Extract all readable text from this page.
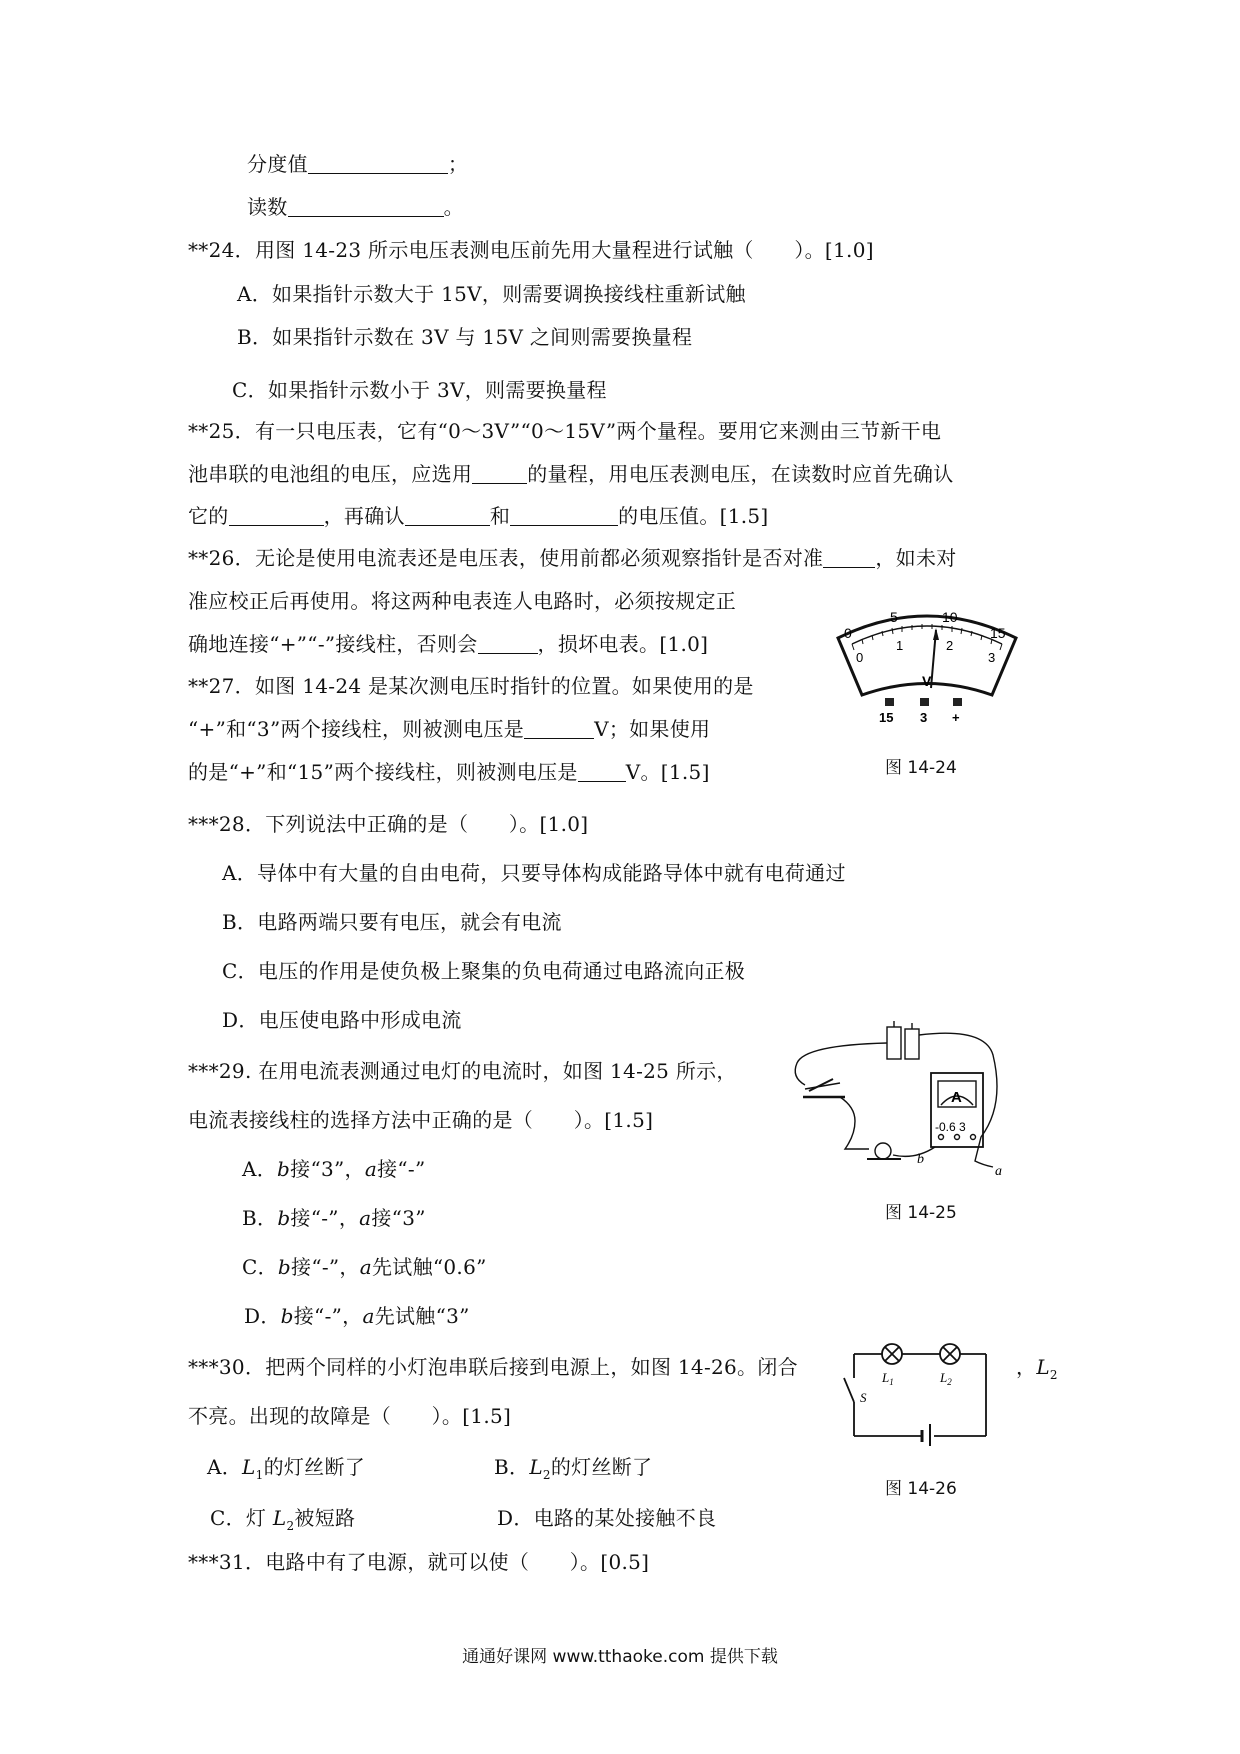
分度值	；
读数	。
**24．用图 14-23 所示电压表测电压前先用大量程进行试触（　　）。[1.0]
A．如果指针示数大于 15V，则需要调换接线柱重新试触
B．如果指针示数在 3V 与 15V 之间则需要换量程
C．如果指针示数小于 3V，则需要换量程
**25．有一只电压表，它有“0～3V”“0～15V”两个量程。要用它来测由三节新干电
池串联的电池组的电压，应选用	的量程，用电压表测电压，在读数时应首先确认
它的	，再确认	和	的电压值。[1.5]
**26．无论是使用电流表还是电压表，使用前都必须观察指针是否对准	，如未对
准应校正后再使用。将这两种电表连人电路时，必须按规定正
确地连接“+”“-”接线柱，否则会	，损坏电表。[1.0]
**27．如图 14-24 是某次测电压时指针的位置。如果使用的是
“+”和“3”两个接线柱，则被测电压是	V；如果使用
的是“+”和“15”两个接线柱，则被测电压是 V。[1.5]
0
5	10
15
0
1	2
3
V
15 3 +
图 14-24
***28．下列说法中正确的是（　　）。[1.0]
A．导体中有大量的自由电荷，只要导体构成能路导体中就有电荷通过
B．电路两端只要有电压，就会有电流
C．电压的作用是使负极上聚集的负电荷通过电路流向正极
D．电压使电路中形成电流
***29. 在用电流表测通过电灯的电流时，如图 14-25 所示，
电流表接线柱的选择方法中正确的是（　　）。[1.5]
A．b接“3”，a接“-”
B．b接“-”，a接“3”
C．b接“-”，a先试触“0.6”
D．b接“-”，a先试触“3”
A
-0.6 3
b
a
图 14-25
***30．把两个同样的小灯泡串联后接到电源上，如图 14-26。闭合	，$L_2$
不亮。出现的故障是（　　）。[1.5]
A．$L_1$的灯丝断了	B．$L_2$的灯丝断了
C．灯 $L_2$被短路	D．电路的某处接触不良
$L_1$	$L_2$
S
图 14-26
***31．电路中有了电源，就可以使（　　）。[0.5]
通通好课网 www.tthaoke.com 提供下载
